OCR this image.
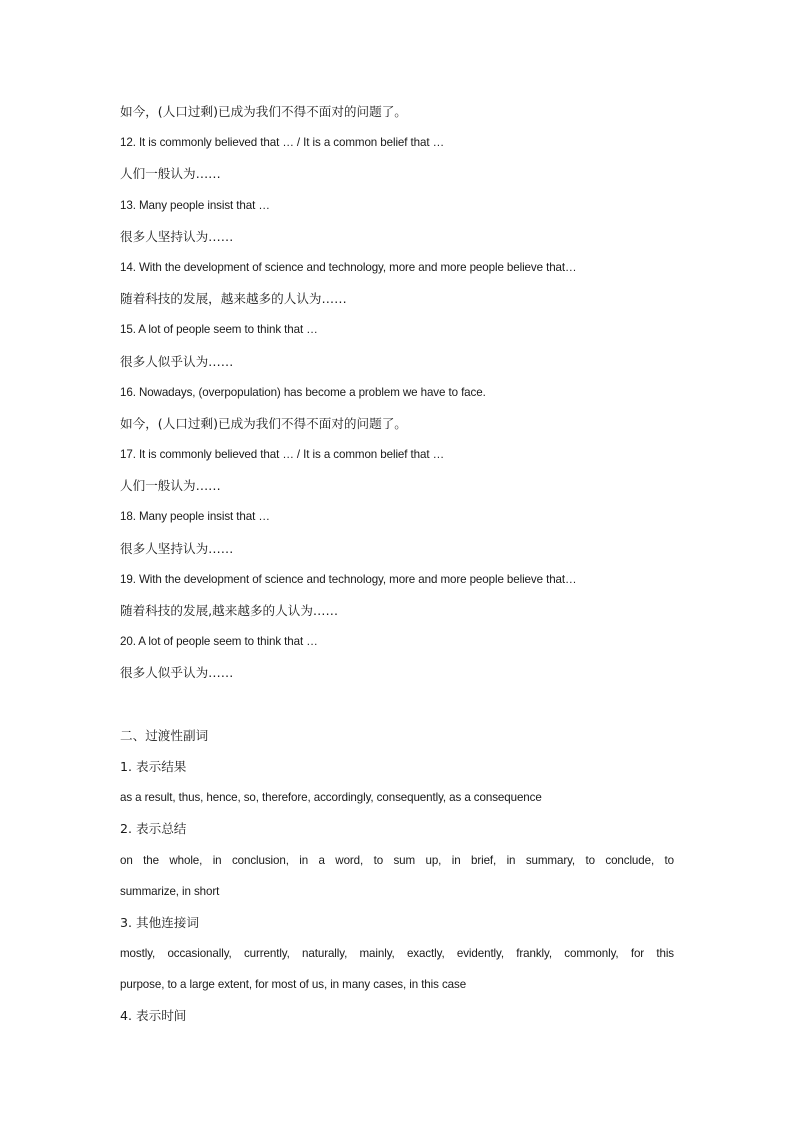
如今，(人口过剩)已成为我们不得不面对的问题了。
12. It is commonly believed that … / It is a common belief that …
人们一般认为……
13. Many people insist that …
很多人坚持认为……
14. With the development of science and technology, more and more people believe that…
随着科技的发展，越来越多的人认为……
15. A lot of people seem to think that …
很多人似乎认为……
16. Nowadays, (overpopulation) has become a problem we have to face.
如今，(人口过剩)已成为我们不得不面对的问题了。
17. It is commonly believed that … / It is a common belief that …
人们一般认为……
18. Many people insist that …
很多人坚持认为……
19. With the development of science and technology, more and more people believe that…
随着科技的发展,越来越多的人认为……
20. A lot of people seem to think that …
很多人似乎认为……
二、过渡性副词
1. 表示结果
as a result, thus, hence, so, therefore, accordingly, consequently, as a consequence
2. 表示总结
on the whole, in conclusion, in a word, to sum up, in brief, in summary, to conclude, to
summarize, in short
3. 其他连接词
mostly, occasionally, currently, naturally, mainly, exactly, evidently, frankly, commonly, for this
purpose, to a large extent, for most of us, in many cases, in this case
4. 表示时间
